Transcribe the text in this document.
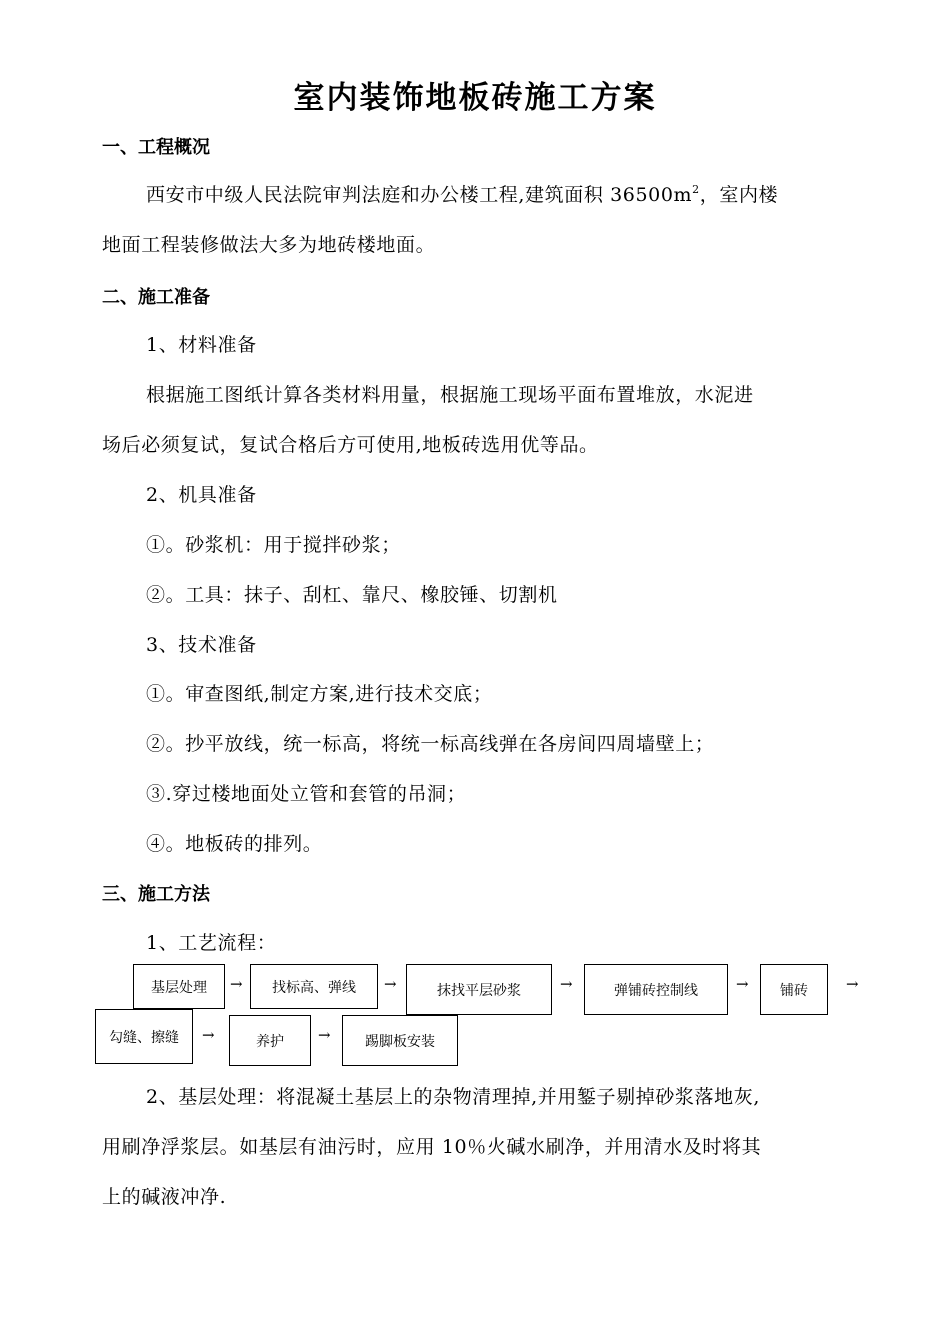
室内装饰地板砖施工方案
一、工程概况
西安市中级人民法院审判法庭和办公楼工程,建筑面积 $36500m^2$，室内楼
地面工程装修做法大多为地砖楼地面。
二、施工准备
1、材料准备
根据施工图纸计算各类材料用量，根据施工现场平面布置堆放，水泥进
场后必须复试，复试合格后方可使用,地板砖选用优等品。
2、机具准备
①。砂浆机：用于搅拌砂浆；
②。工具：抹子、刮杠、靠尺、橡胶锤、切割机
3、技术准备
①。审查图纸,制定方案,进行技术交底；
②。抄平放线，统一标高，将统一标高线弹在各房间四周墙壁上；
③.穿过楼地面处立管和套管的吊洞；
④。地板砖的排列。
三、施工方法
1、工艺流程：
基层处理	→	找标高、弹线	→	抹找平层砂浆	→	弹铺砖控制线	→	铺砖	→
勾缝、擦缝	→	养护	→	踢脚板安装
2、基层处理：将混凝土基层上的杂物清理掉,并用錾子剔掉砂浆落地灰,
用刷净浮浆层。如基层有油污时，应用 10％火碱水刷净，并用清水及时将其
上的碱液冲净.
